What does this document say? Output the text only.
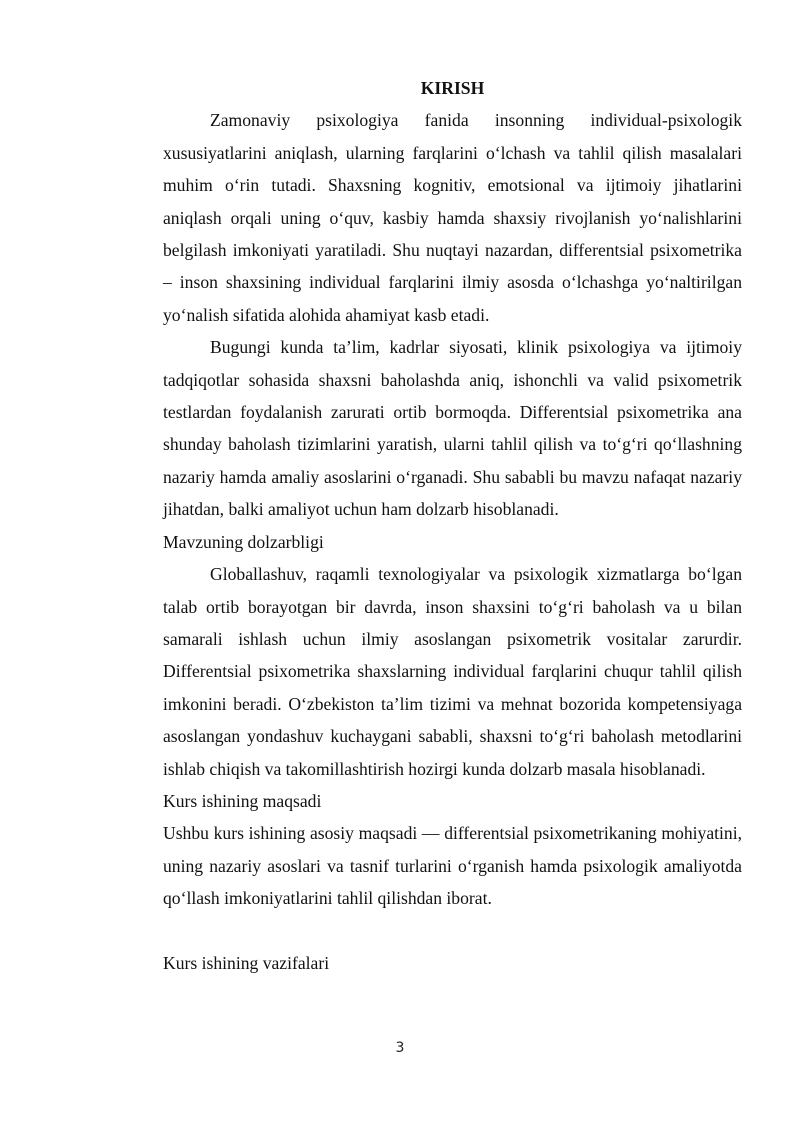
KIRISH

Zamonaviy psixologiya fanida insonning individual-psixologik xususiyatlarini aniqlash, ularning farqlarini o‘lchash va tahlil qilish masalalari muhim o‘rin tutadi. Shaxsning kognitiv, emotsional va ijtimoiy jihatlarini aniqlash orqali uning o‘quv, kasbiy hamda shaxsiy rivojlanish yo‘nalishlarini belgilash imkoniyati yaratiladi. Shu nuqtayi nazardan, differentsial psixometrika – inson shaxsining individual farqlarini ilmiy asosda o‘lchashga yo‘naltirilgan yo‘nalish sifatida alohida ahamiyat kasb etadi.

Bugungi kunda ta’lim, kadrlar siyosati, klinik psixologiya va ijtimoiy tadqiqotlar sohasida shaxsni baholashda aniq, ishonchli va valid psixometrik testlardan foydalanish zarurati ortib bormoqda. Differentsial psixometrika ana shunday baholash tizimlarini yaratish, ularni tahlil qilish va to‘g‘ri qo‘llashning nazariy hamda amaliy asoslarini o‘rganadi. Shu sababli bu mavzu nafaqat nazariy jihatdan, balki amaliyot uchun ham dolzarb hisoblanadi.

Mavzuning dolzarbligi

Globallashuv, raqamli texnologiyalar va psixologik xizmatlarga bo‘lgan talab ortib borayotgan bir davrda, inson shaxsini to‘g‘ri baholash va u bilan samarali ishlash uchun ilmiy asoslangan psixometrik vositalar zarurdir. Differentsial psixometrika shaxslarning individual farqlarini chuqur tahlil qilish imkonini beradi. O‘zbekiston ta’lim tizimi va mehnat bozorida kompetensiyaga asoslangan yondashuv kuchaygani sababli, shaxsni to‘g‘ri baholash metodlarini ishlab chiqish va takomillashtirish hozirgi kunda dolzarb masala hisoblanadi.

Kurs ishining maqsadi

Ushbu kurs ishining asosiy maqsadi — differentsial psixometrikaning mohiyatini, uning nazariy asoslari va tasnif turlarini o‘rganish hamda psixologik amaliyotda qo‘llash imkoniyatlarini tahlil qilishdan iborat.

Kurs ishining vazifalari

3
